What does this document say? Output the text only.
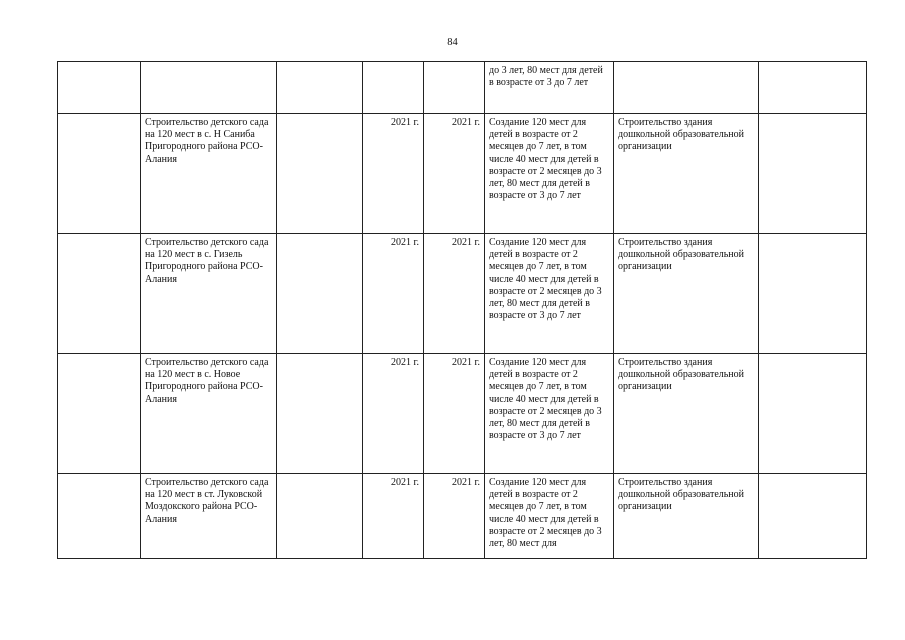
84
					до 3 лет, 80 мест для детей в возрасте от 3 до 7 лет		
	Строительство детского сада на 120 мест в с. Н Саниба Пригородного района РСО-Алания		2021 г.	2021 г.	Создание 120 мест для детей в возрасте от 2 месяцев до 7 лет, в том числе 40 мест для детей в возрасте от 2 месяцев до 3 лет, 80 мест для детей в возрасте от 3 до 7 лет	Строительство здания дошкольной образовательной организации	
	Строительство детского сада на 120 мест в с. Гизель Пригородного района РСО-Алания		2021 г.	2021 г.	Создание 120 мест для детей в возрасте от 2 месяцев до 7 лет, в том числе 40 мест для детей в возрасте от 2 месяцев до 3 лет, 80 мест для детей в возрасте от 3 до 7 лет	Строительство здания дошкольной образовательной организации	
	Строительство детского сада на 120 мест в с. Новое Пригородного района РСО-Алания		2021 г.	2021 г.	Создание 120 мест для детей в возрасте от 2 месяцев до 7 лет, в том числе 40 мест для детей в возрасте от 2 месяцев до 3 лет, 80 мест для детей в возрасте от 3 до 7 лет	Строительство здания дошкольной образовательной организации	
	Строительство детского сада на 120 мест в ст. Луковской Моздокского района РСО-Алания		2021 г.	2021 г.	Создание 120 мест для детей в возрасте от 2 месяцев до 7 лет, в том числе 40 мест для детей в возрасте от 2 месяцев до 3 лет, 80 мест для	Строительство здания дошкольной образовательной организации	
